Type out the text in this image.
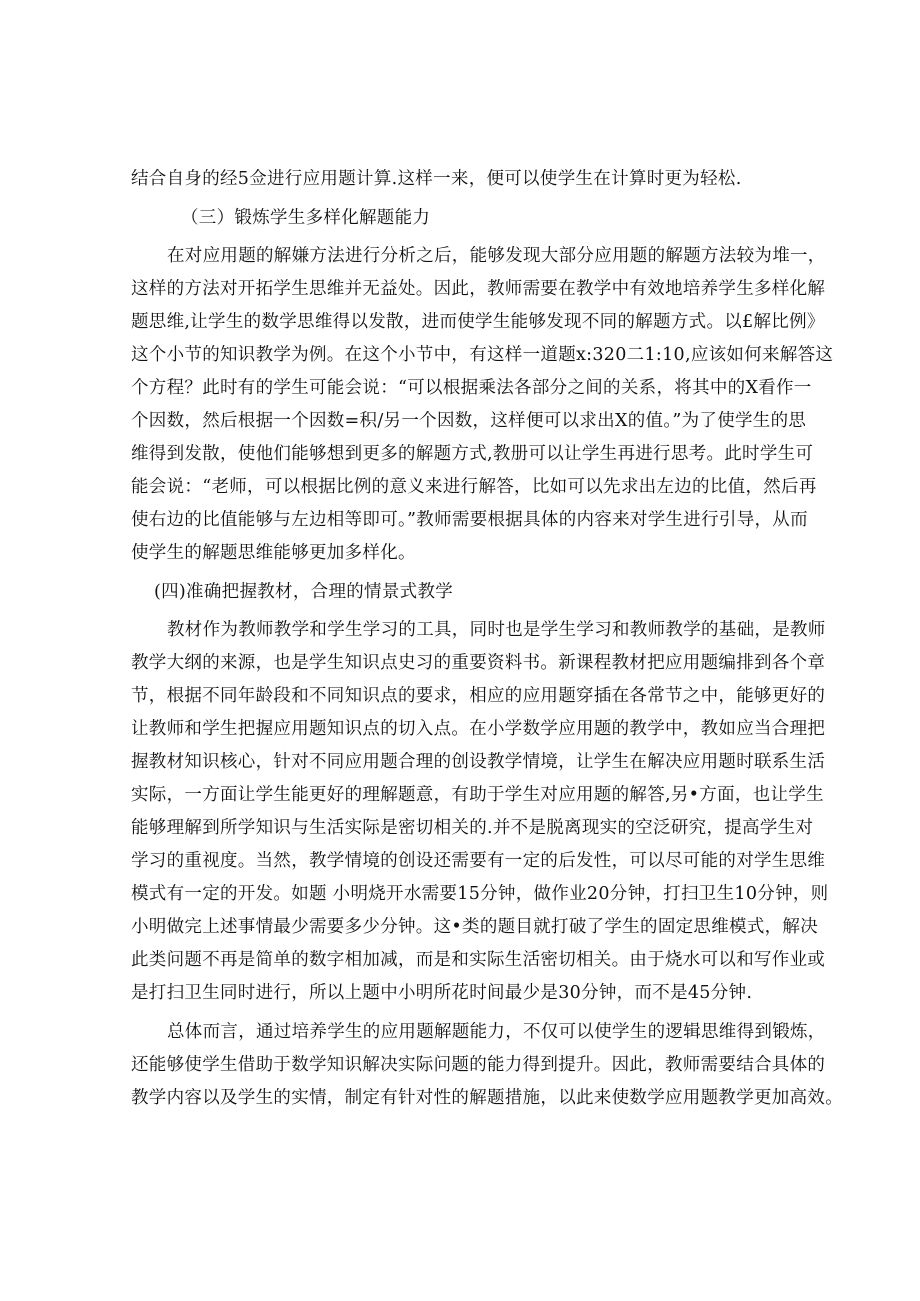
结合自身的经5佥进行应用题计算.这样一来，便可以使学生在计算时更为轻松.
（三）锻炼学生多样化解题能力
在对应用题的解嫌方法进行分析之后，能够发现大部分应用题的解题方法较为堆一，
这样的方法对开拓学生思维并无益处。因此，教师需要在教学中有效地培养学生多样化解
题思维,让学生的数学思维得以发散，进而使学生能够发现不同的解题方式。以£解比例》
这个小节的知识教学为例。在这个小节中，有这样一道题x:320二1:10,应该如何来解答这
个方程？此时有的学生可能会说：“可以根据乘法各部分之间的关系，将其中的X看作一
个因数，然后根据一个因数=积/另一个因数，这样便可以求出X的值。”为了使学生的思
维得到发散，使他们能够想到更多的解题方式,教册可以让学生再进行思考。此时学生可
能会说：“老师，可以根据比例的意义来进行解答，比如可以先求出左边的比值，然后再
使右边的比值能够与左边相等即可。”教师需要根据具体的内容来对学生进行引导，从而
使学生的解题思维能够更加多样化。
(四)准确把握教材，合理的情景式教学
教材作为教师教学和学生学习的工具，同时也是学生学习和教师教学的基础，是教师
教学大纲的来源，也是学生知识点史习的重要资料书。新课程教材把应用题编排到各个章
节，根据不同年龄段和不同知识点的要求，相应的应用题穿插在各常节之中，能够更好的
让教师和学生把握应用题知识点的切入点。在小学数学应用题的教学中，教如应当合理把
握教材知识核心，针对不同应用题合理的创设教学情境，让学生在解决应用题时联系生活
实际，一方面让学生能更好的理解题意，有助于学生对应用题的解答,另•方面，也让学生
能够理解到所学知识与生活实际是密切相关的.并不是脱离现实的空泛研究，提高学生对
学习的重视度。当然，教学情境的创设还需要有一定的后发性，可以尽可能的对学生思维
模式有一定的开发。如题 小明烧开水需要15分钟，做作业20分钟，打扫卫生10分钟，则
小明做完上述事情最少需要多少分钟。这•类的题目就打破了学生的固定思维模式，解决
此类问题不再是简单的数字相加减，而是和实际生活密切相关。由于烧水可以和写作业或
是打扫卫生同时进行，所以上题中小明所花时间最少是30分钟，而不是45分钟.
总体而言，通过培养学生的应用题解题能力，不仅可以使学生的逻辑思维得到锻炼，
还能够使学生借助于数学知识解决实际问题的能力得到提升。因此，教师需要结合具体的
教学内容以及学生的实情，制定有针对性的解题措施，以此来使数学应用题教学更加高效。
